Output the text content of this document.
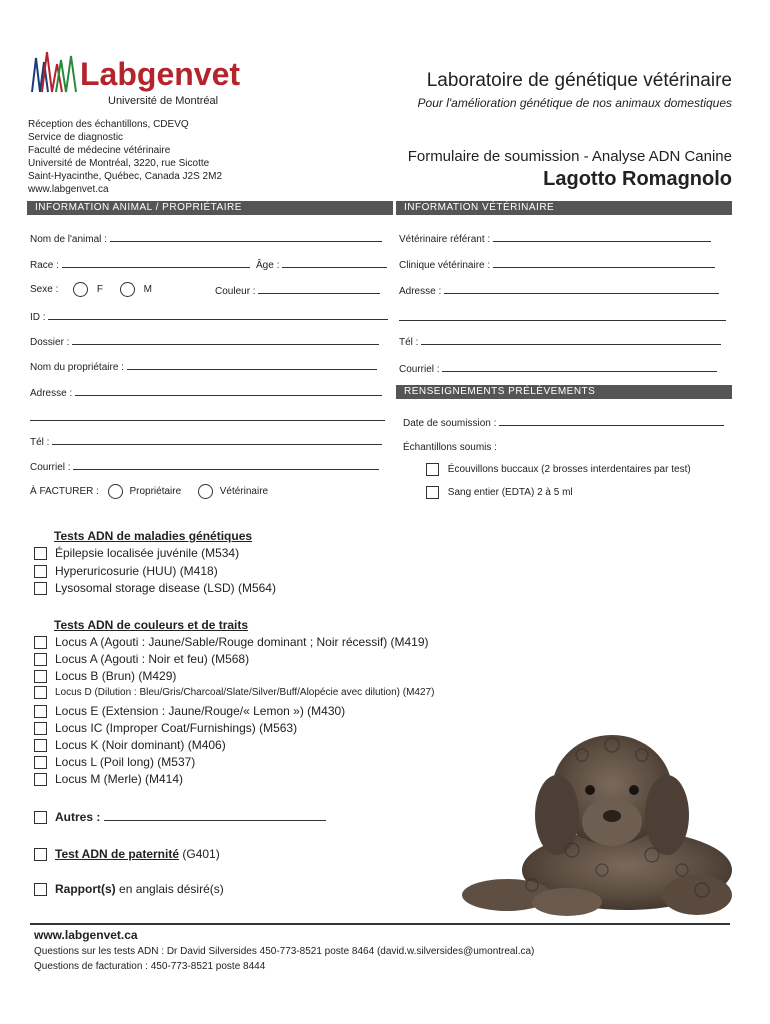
Labgenvet
Université de Montréal
Laboratoire de génétique vétérinaire
Pour l'amélioration génétique de nos animaux domestiques
Réception des échantillons, CDEVQ
Service de diagnostic
Faculté de médecine vétérinaire
Université de Montréal, 3220, rue Sicotte
Saint-Hyacinthe, Québec, Canada J2S 2M2
www.labgenvet.ca
Formulaire de soumission - Analyse ADN Canine
Lagotto Romagnolo
INFORMATION ANIMAL / PROPRIÉTAIRE	INFORMATION VÉTÉRINAIRE
Nom de l'animal :
Race :	Âge :
Sexe :	F	M	Couleur :
ID :
Dossier :
Nom du propriétaire :
Adresse :
Tél :
Courriel :
À FACTURER :	Propriétaire	Vétérinaire
Vétérinaire référant :
Clinique vétérinaire :
Adresse :
Tél :
Courriel :
RENSEIGNEMENTS PRÉLÈVEMENTS
Date de soumission :
Échantillons soumis :
Écouvillons buccaux (2 brosses interdentaires par test)
Sang entier (EDTA) 2 à 5 ml
Tests ADN de maladies génétiques
Épilepsie localisée juvénile (M534)
Hyperuricosurie (HUU) (M418)
Lysosomal storage disease (LSD) (M564)
Tests ADN de couleurs et de traits
Locus A (Agouti : Jaune/Sable/Rouge dominant ; Noir récessif) (M419)
Locus A (Agouti : Noir et feu) (M568)
Locus B (Brun) (M429)
Locus D (Dilution : Bleu/Gris/Charcoal/Slate/Silver/Buff/Alopécie avec dilution) (M427)
Locus E (Extension : Jaune/Rouge/« Lemon ») (M430)
Locus IC (Improper Coat/Furnishings) (M563)
Locus K (Noir dominant) (M406)
Locus L (Poil long) (M537)
Locus M (Merle) (M414)
Autres :
Test ADN de paternité (G401)
Rapport(s) en anglais désiré(s)
www.labgenvet.ca
Questions sur les tests ADN : Dr David Silversides 450-773-8521 poste 8464 (david.w.silversides@umontreal.ca)
Questions de facturation : 450-773-8521 poste 8444
